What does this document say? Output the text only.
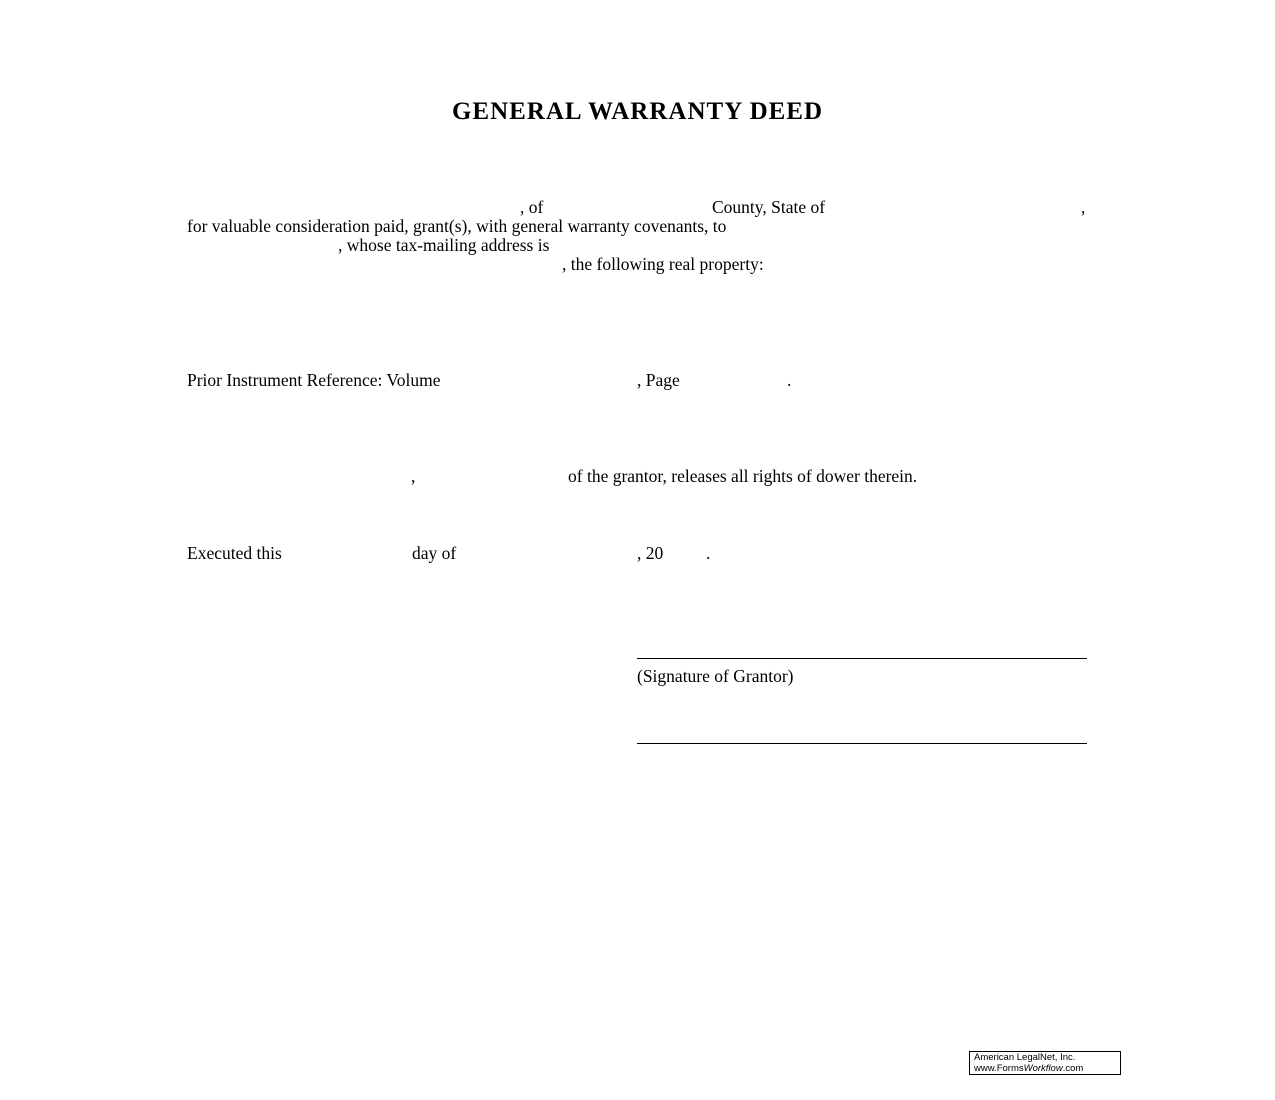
GENERAL WARRANTY DEED
, of	County, State of	,
for valuable consideration paid, grant(s), with general warranty covenants, to
, whose tax-mailing address is
, the following real property:
Prior Instrument Reference: Volume	, Page	.
,	of the grantor, releases all rights of dower therein.
Executed this	day of	, 20 .
(Signature of Grantor)
American LegalNet, Inc.
www.FormsWorkflow.com
